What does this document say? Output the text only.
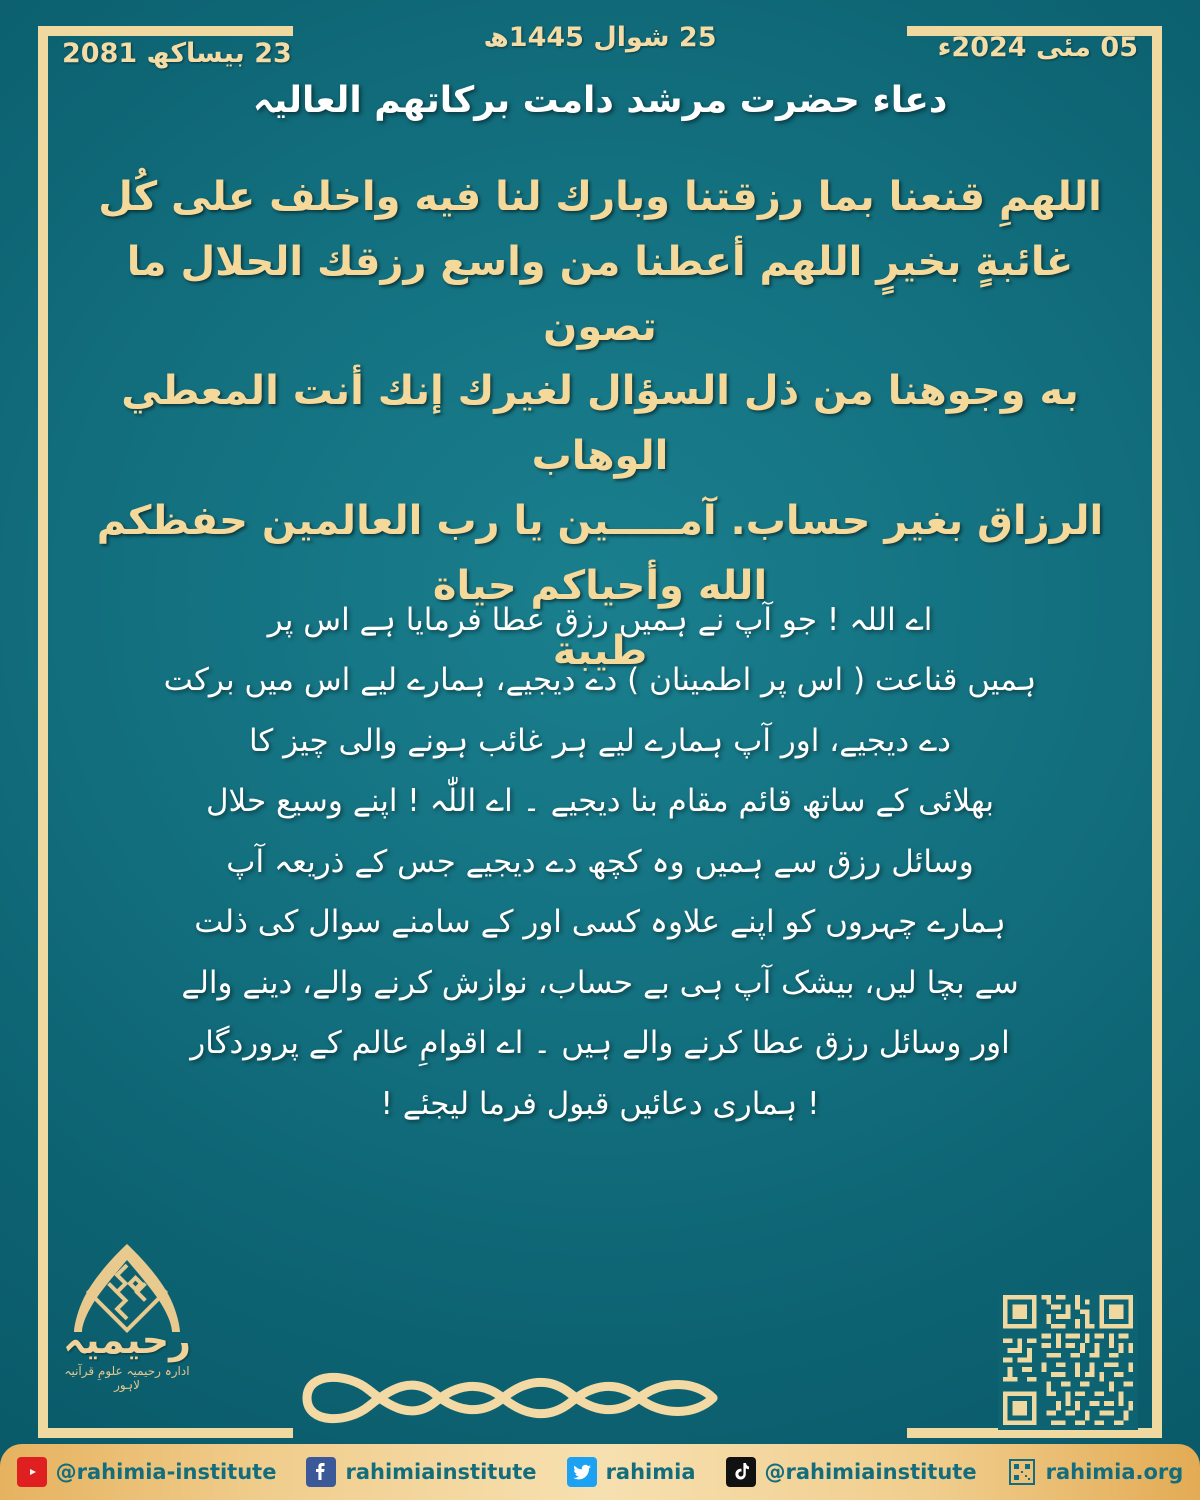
23 بیساکھ 2081
25 شوال 1445ھ	05 مئی 2024ء
دعاء حضرت مرشد دامت برکاتھم العالیہ
اللهمِ قنعنا بما رزقتنا وبارك لنا فيه واخلف على كُل
غائبةٍ بخيرٍ اللهم أعطنا من واسع رزقك الحلال ما تصون
به وجوهنا من ذل السؤال لغيرك إنك أنت المعطي الوهاب
الرزاق بغير حساب. آمـــــين يا رب العالمين حفظكم الله وأحياكم حياة
طيبة
اے اللہ ! جو آپ نے ہمیں رزق عطا فرمایا ہے اس پر
ہمیں قناعت ( اس پر اطمینان ) دے دیجیے، ہمارے لیے اس میں برکت
دے دیجیے، اور آپ ہمارے لیے ہر غائب ہونے والی چیز کا
بھلائی کے ساتھ قائم مقام بنا دیجیے ۔ اے اللّٰہ ! اپنے وسیع حلال
وسائل رزق سے ہمیں وہ کچھ دے دیجیے جس کے ذریعہ آپ
ہمارے چہروں کو اپنے علاوہ کسی اور کے سامنے سوال کی ذلت
سے بچا لیں، بیشک آپ ہی بے حساب، نوازش کرنے والے، دینے والے
اور وسائل رزق عطا کرنے والے ہیں ۔ اے اقوامِ عالم کے پروردگار
! ہماری دعائیں قبول فرما لیجئے !
رحیمیہ
ادارہ رحیمیہ علومِ قرآنیہ لاہور
@rahimia-institute	rahimiainstitute	rahimia	@rahimiainstitute	rahimia.org
